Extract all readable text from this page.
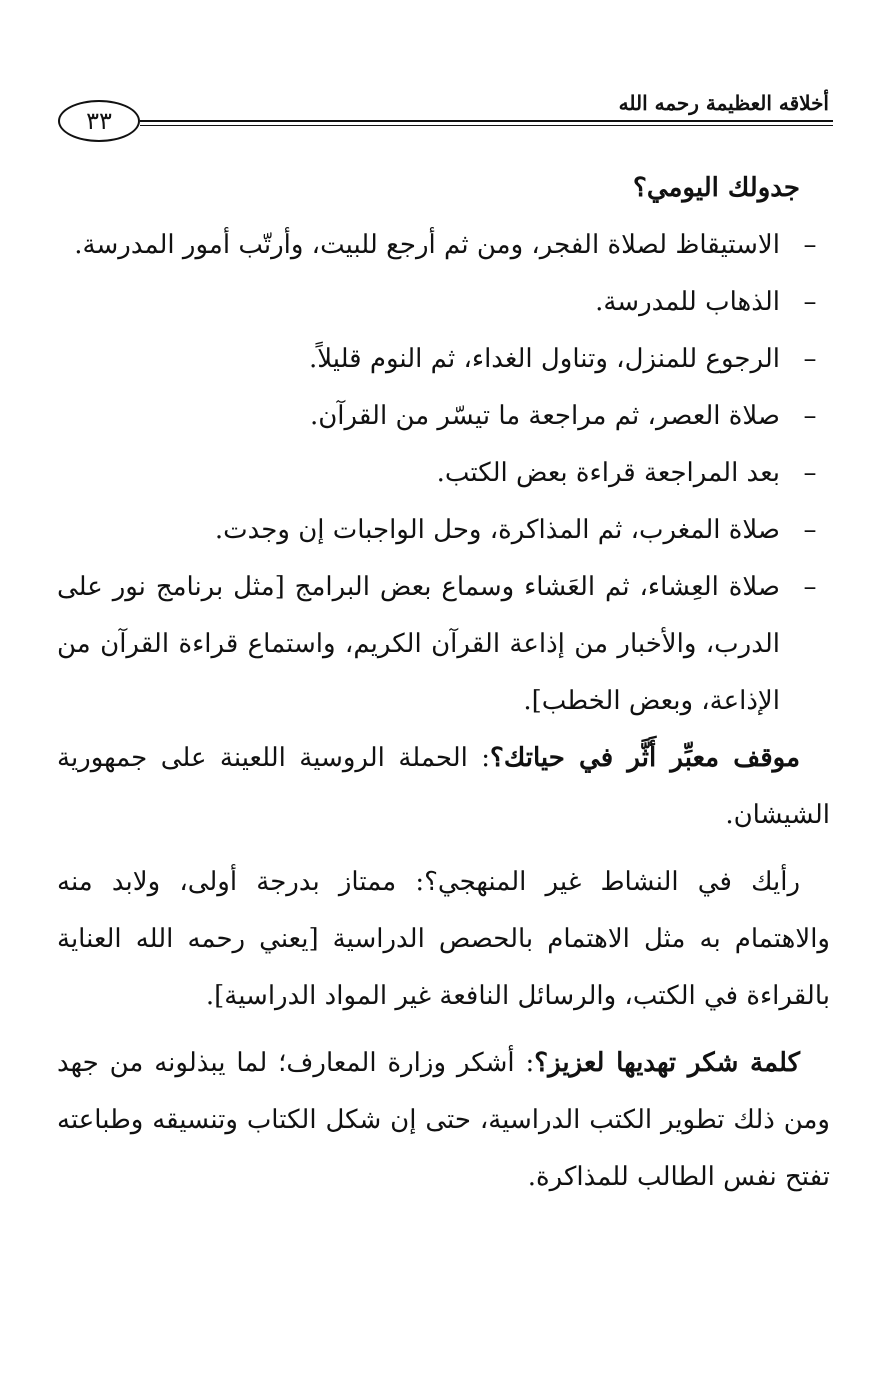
أخلاقه العظيمة رحمه الله
٣٣

جدولك اليومي؟

–
الاستيقاظ لصلاة الفجر، ومن ثم أرجع للبيت، وأرتّب أمور المدرسة.

–
الذهاب للمدرسة.

–
الرجوع للمنزل، وتناول الغداء، ثم النوم قليلاً.

–
صلاة العصر، ثم مراجعة ما تيسّر من القرآن.

–
بعد المراجعة قراءة بعض الكتب.

–
صلاة المغرب، ثم المذاكرة، وحل الواجبات إن وجدت.

–
صلاة العِشاء، ثم العَشاء وسماع بعض البرامج [مثل برنامج نور على الدرب، والأخبار من إذاعة القرآن الكريم، واستماع قراءة القرآن من الإذاعة، وبعض الخطب].

موقف معبِّر أَثَّر في حياتك؟: الحملة الروسية اللعينة على جمهورية الشيشان.

رأيك في النشاط غير المنهجي؟: ممتاز بدرجة أولى، ولابد منه والاهتمام به مثل الاهتمام بالحصص الدراسية [يعني رحمه الله العناية بالقراءة في الكتب، والرسائل النافعة غير المواد الدراسية].

كلمة شكر تهديها لعزيز؟: أشكر وزارة المعارف؛ لما يبذلونه من جهد ومن ذلك تطوير الكتب الدراسية، حتى إن شكل الكتاب وتنسيقه وطباعته تفتح نفس الطالب للمذاكرة.
